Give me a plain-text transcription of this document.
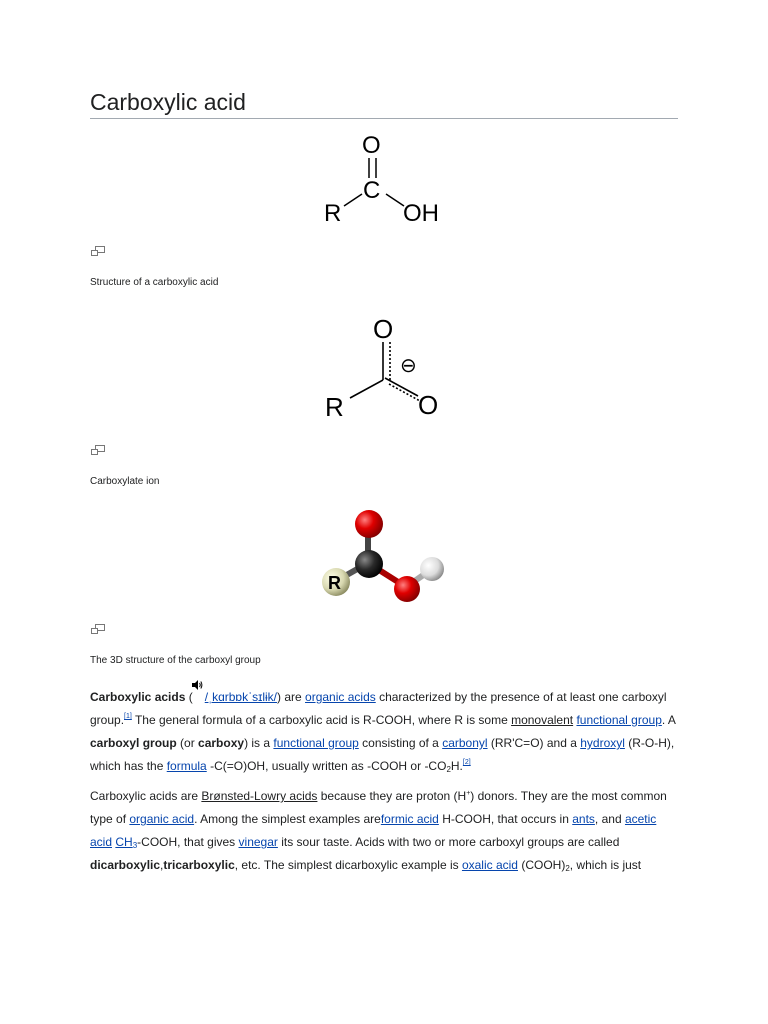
Carboxylic acid
O
C
R	OH
Structure of a carboxylic acid
O
⊖
R	O
Carboxylate ion
R
The 3D structure of the carboxyl group

Carboxylic acids ( /ˌkɑrbɒkˈsɪlɨk/) are organic acids characterized by the presence of at least one carboxyl group.[1] The general formula of a carboxylic acid is R-COOH, where R is some monovalent functional group. A carboxyl group (or carboxy) is a functional group consisting of a carbonyl (RR'C=O) and a hydroxyl (R-O-H), which has the formula -C(=O)OH, usually written as -COOH or $-CO_2H.[2]$

Carboxylic acids are Brønsted-Lowry acids because they are proton (H+) donors. They are the most common type of organic acid. Among the simplest examples areformic acid H-COOH, that occurs in ants, and acetic acid $CH_3$-COOH, that gives vinegar its sour taste. Acids with two or more carboxyl groups are called dicarboxylic,tricarboxylic, etc. The simplest dicarboxylic example is oxalic acid $(COOH)_2$, which is just
